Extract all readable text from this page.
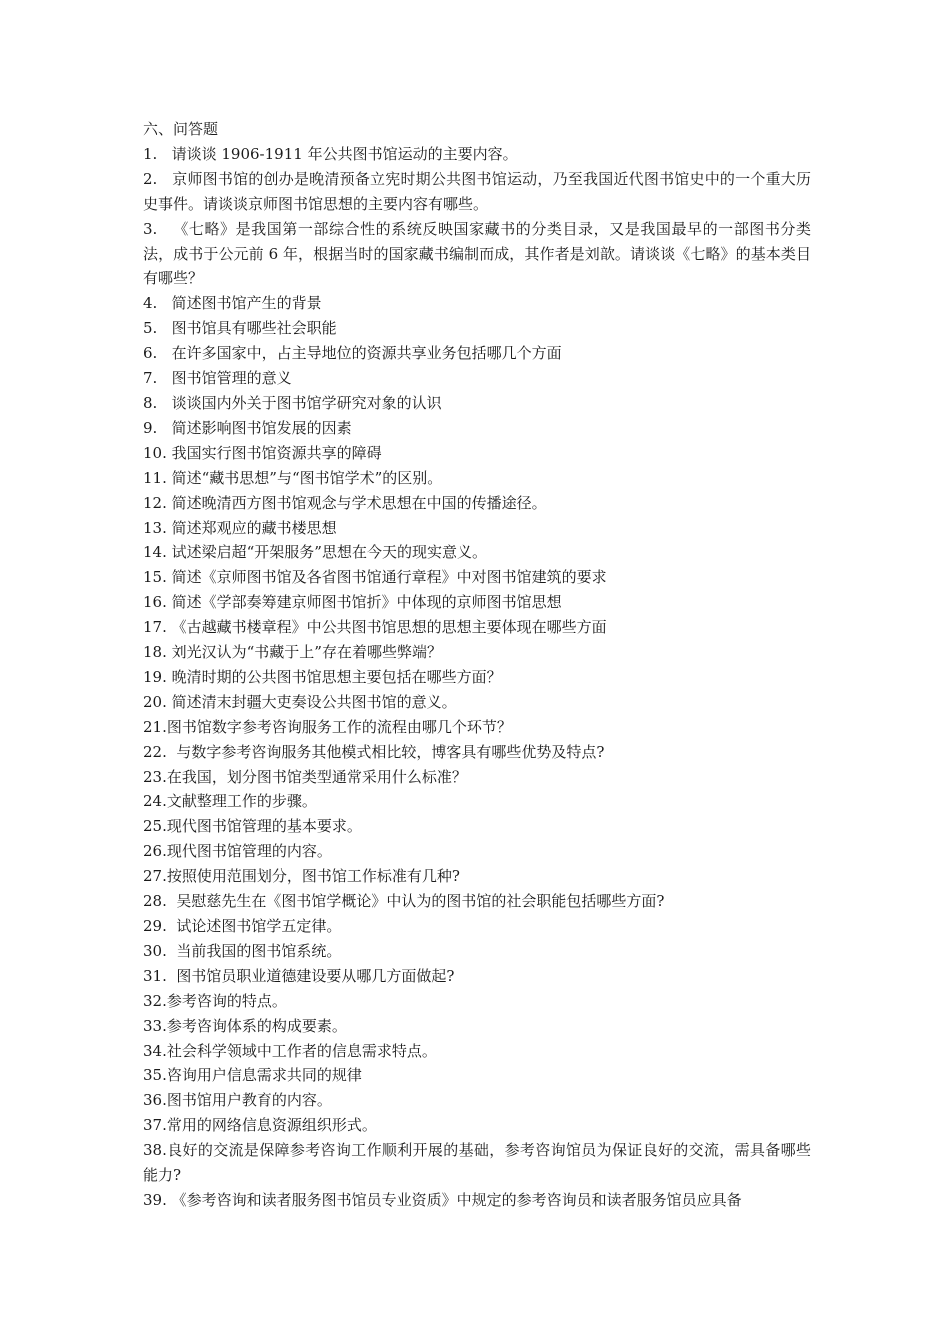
六、问答题

1.   请谈谈 1906-1911 年公共图书馆运动的主要内容。
2.   京师图书馆的创办是晚清预备立宪时期公共图书馆运动，乃至我国近代图书馆史中的一个重大历史事件。请谈谈京师图书馆思想的主要内容有哪些。
3.   《七略》是我国第一部综合性的系统反映国家藏书的分类目录，又是我国最早的一部图书分类法，成书于公元前 6 年，根据当时的国家藏书编制而成，其作者是刘歆。请谈谈《七略》的基本类目有哪些？
4.   简述图书馆产生的背景
5.   图书馆具有哪些社会职能
6.   在许多国家中，占主导地位的资源共享业务包括哪几个方面
7.   图书馆管理的意义
8.   谈谈国内外关于图书馆学研究对象的认识
9.   简述影响图书馆发展的因素
10. 我国实行图书馆资源共享的障碍
11. 简述“藏书思想”与“图书馆学术”的区别。
12. 简述晚清西方图书馆观念与学术思想在中国的传播途径。
13. 简述郑观应的藏书楼思想
14. 试述梁启超“开架服务”思想在今天的现实意义。
15. 简述《京师图书馆及各省图书馆通行章程》中对图书馆建筑的要求
16. 简述《学部奏筹建京师图书馆折》中体现的京师图书馆思想
17. 《古越藏书楼章程》中公共图书馆思想的思想主要体现在哪些方面
18. 刘光汉认为“书藏于上”存在着哪些弊端？
19. 晚清时期的公共图书馆思想主要包括在哪些方面？
20. 简述清末封疆大吏奏设公共图书馆的意义。
21.图书馆数字参考咨询服务工作的流程由哪几个环节？
22.  与数字参考咨询服务其他模式相比较，博客具有哪些优势及特点?
23.在我国，划分图书馆类型通常采用什么标准？
24.文献整理工作的步骤。
25.现代图书馆管理的基本要求。
26.现代图书馆管理的内容。
27.按照使用范围划分，图书馆工作标准有几种?
28.  吴慰慈先生在《图书馆学概论》中认为的图书馆的社会职能包括哪些方面?
29.  试论述图书馆学五定律。
30.  当前我国的图书馆系统。
31.  图书馆员职业道德建设要从哪几方面做起?
32.参考咨询的特点。
33.参考咨询体系的构成要素。
34.社会科学领域中工作者的信息需求特点。
35.咨询用户信息需求共同的规律
36.图书馆用户教育的内容。
37.常用的网络信息资源组织形式。
38.良好的交流是保障参考咨询工作顺利开展的基础，参考咨询馆员为保证良好的交流，需具备哪些能力?
39. 《参考咨询和读者服务图书馆员专业资质》中规定的参考咨询员和读者服务馆员应具备
